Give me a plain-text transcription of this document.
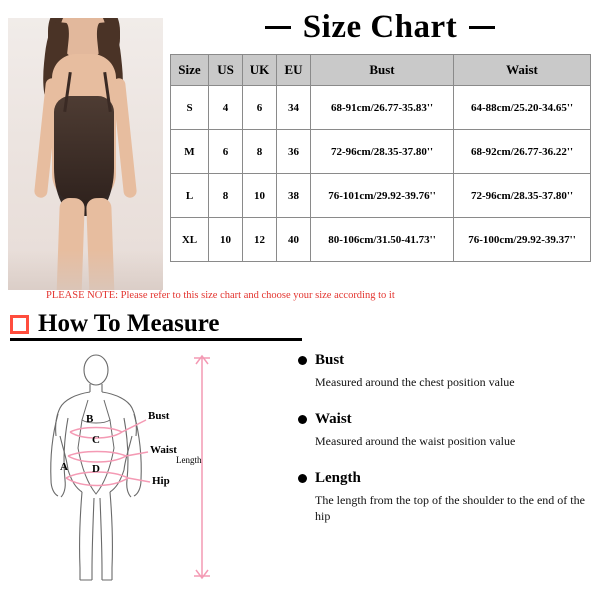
Size Chart
Size	US	UK	EU	Bust	Waist
S	4	6	34	68-91cm/26.77-35.83''	64-88cm/25.20-34.65''
M	6	8	36	72-96cm/28.35-37.80''	68-92cm/26.77-36.22''
L	8	10	38	76-101cm/29.92-39.76''	72-96cm/28.35-37.80''
XL	10	12	40	80-106cm/31.50-41.73''	76-100cm/29.92-39.37''
PLEASE NOTE: Please refer to this size chart and choose your size according to it
How To Measure
B
C
A D
Bust
Waist
Hip
Length
Bust
Measured around the chest position value
Waist
Measured around the waist position value
Length
The length from the top of the shoulder to the end of the hip
